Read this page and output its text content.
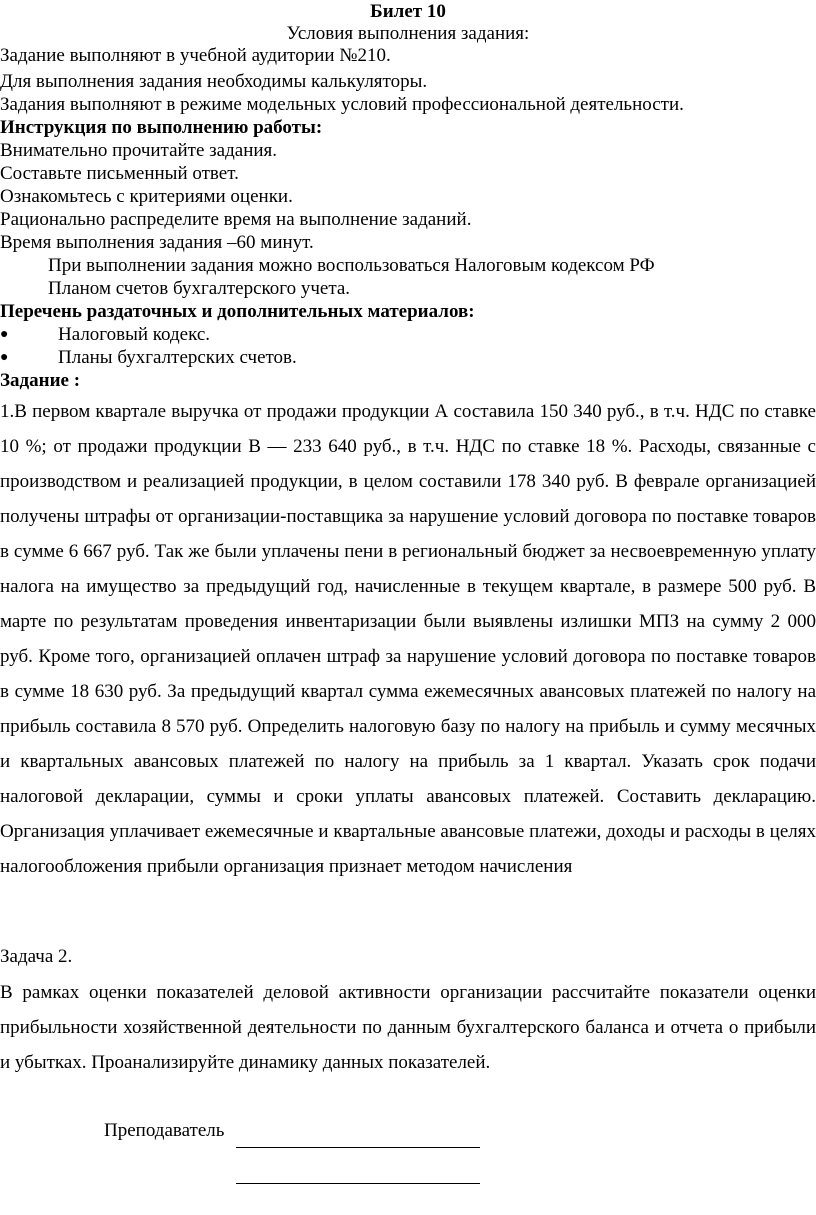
Билет 10
Условия выполнения задания:
Задание выполняют в учебной аудитории №210.
Для выполнения задания необходимы калькуляторы.
Задания выполняют в режиме модельных условий профессиональной деятельности.
Инструкция по выполнению работы:
Внимательно прочитайте задания.
Составьте письменный ответ.
Ознакомьтесь с критериями оценки.
Рационально распределите время на выполнение заданий.
Время выполнения задания –60 минут.
При выполнении задания можно воспользоваться Налоговым кодексом РФ
Планом счетов бухгалтерского учета.
Перечень раздаточных и дополнительных материалов:
●	Налоговый кодекс.
●	Планы бухгалтерских счетов.
Задание :

1.В первом квартале выручка от продажи продукции А составила 150 340 руб., в т.ч. НДС по ставке 10 %; от продажи продукции В — 233 640 руб., в т.ч. НДС по ставке 18 %. Расходы, связанные с производством и реализацией продукции, в целом составили 178 340 руб. В феврале организацией получены штрафы от организации-поставщика за нарушение условий договора по поставке товаров в сумме 6 667 руб. Так же были уплачены пени в региональный бюджет за несвоевременную уплату налога на имущество за предыдущий год, начисленные в текущем квартале, в размере 500 руб. В марте по результатам проведения инвентаризации были выявлены излишки МПЗ на сумму 2 000 руб. Кроме того, организацией оплачен штраф за нарушение условий договора по поставке товаров в сумме 18 630 руб. За предыдущий квартал сумма ежемесячных авансовых платежей по налогу на прибыль составила 8 570 руб. Определить налоговую базу по налогу на прибыль и сумму месячных и квартальных авансовых платежей по налогу на прибыль за 1 квартал. Указать срок подачи налоговой декларации, суммы и сроки уплаты авансовых платежей. Составить декларацию. Организация уплачивает ежемесячные и квартальные авансовые платежи, доходы и расходы в целях налогообложения прибыли организация признает методом начисления

Задача 2.

В рамках оценки показателей деловой активности организации рассчитайте показатели оценки прибыльности хозяйственной деятельности по данным бухгалтерского баланса и отчета о прибыли и убытках. Проанализируйте динамику данных показателей.

Преподаватель
